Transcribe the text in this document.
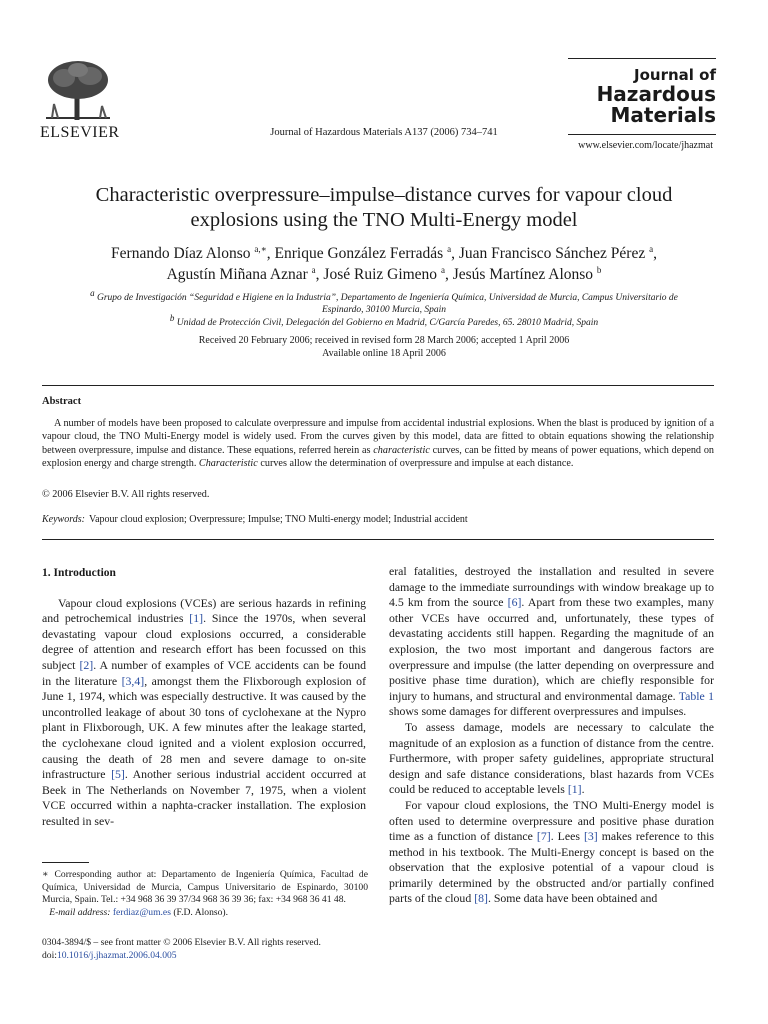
ELSEVIER	Journal of Hazardous Materials A137 (2006) 734–741
Journal of
Hazardous
Materials
www.elsevier.com/locate/jhazmat
Characteristic overpressure–impulse–distance curves for vapour cloud
explosions using the TNO Multi-Energy model
Fernando Díaz Alonso $^{a,∗}$, Enrique González Ferradás $^a$, Juan Francisco Sánchez Pérez $^a$,
Agustín Miñana Aznar $^a$, José Ruiz Gimeno $^a$, Jesús Martínez Alonso $^b$
$^a$ Grupo de Investigación “Seguridad e Higiene en la Industria”, Departamento de Ingeniería Química, Universidad de Murcia, Campus Universitario de
Espinardo, 30100 Murcia, Spain
$^b$ Unidad de Protección Civil, Delegación del Gobierno en Madrid, C/García Paredes, 65. 28010 Madrid, Spain
Received 20 February 2006; received in revised form 28 March 2006; accepted 1 April 2006
Available online 18 April 2006
Abstract

A number of models have been proposed to calculate overpressure and impulse from accidental industrial explosions. When the blast is produced by ignition of a vapour cloud, the TNO Multi-Energy model is widely used. From the curves given by this model, data are fitted to obtain equations showing the relationship between overpressure, impulse and distance. These equations, referred herein as characteristic curves, can be fitted by means of power equations, which depend on explosion energy and charge strength. Characteristic curves allow the determination of overpressure and impulse at each distance.

© 2006 Elsevier B.V. All rights reserved.
Keywords: Vapour cloud explosion; Overpressure; Impulse; TNO Multi-energy model; Industrial accident
1. Introduction

Vapour cloud explosions (VCEs) are serious hazards in refining and petrochemical industries [1]. Since the 1970s, when several devastating vapour cloud explosions occurred, a considerable degree of attention and research effort has been focussed on this subject [2]. A number of examples of VCE accidents can be found in the literature [3,4], amongst them the Flixborough explosion of June 1, 1974, which was especially destructive. It was caused by the uncontrolled leakage of about 30 tons of cyclohexane at the Nypro plant in Flixborough, UK. A few minutes after the leakage started, the cyclohexane cloud ignited and a violent explosion occurred, causing the death of 28 men and severe damage to on-site infrastructure [5]. Another serious industrial accident occurred at Beek in The Netherlands on November 7, 1975, when a violent VCE occurred within a naphta-cracker installation. The explosion resulted in sev-

eral fatalities, destroyed the installation and resulted in severe damage to the immediate surroundings with window breakage up to 4.5 km from the source [6]. Apart from these two examples, many other VCEs have occurred and, unfortunately, these types of devastating accidents still happen. Regarding the magnitude of an explosion, the two most important and dangerous factors are overpressure and impulse (the latter depending on overpressure and positive phase time duration), which are chiefly responsible for injury to humans, and structural and environmental damage. Table 1 shows some damages for different overpressures and impulses.

To assess damage, models are necessary to calculate the magnitude of an explosion as a function of distance from the centre. Furthermore, with proper safety guidelines, appropriate structural design and safe distance considerations, blast hazards from VCEs could be reduced to acceptable levels [1].

For vapour cloud explosions, the TNO Multi-Energy model is often used to determine overpressure and positive phase duration time as a function of distance [7]. Lees [3] makes reference to this method in his textbook. The Multi-Energy concept is based on the observation that the explosive potential of a vapour cloud is primarily determined by the obstructed and/or partially confined parts of the cloud [8]. Some data have been obtained and

∗ Corresponding author at: Departamento de Ingeniería Química, Facultad de Química, Universidad de Murcia, Campus Universitario de Espinardo, 30100 Murcia, Spain. Tel.: +34 968 36 39 37/34 968 36 39 36; fax: +34 968 36 41 48.

E-mail address: ferdiaz@um.es (F.D. Alonso).

0304-3894/$ – see front matter © 2006 Elsevier B.V. All rights reserved.
doi:10.1016/j.jhazmat.2006.04.005
